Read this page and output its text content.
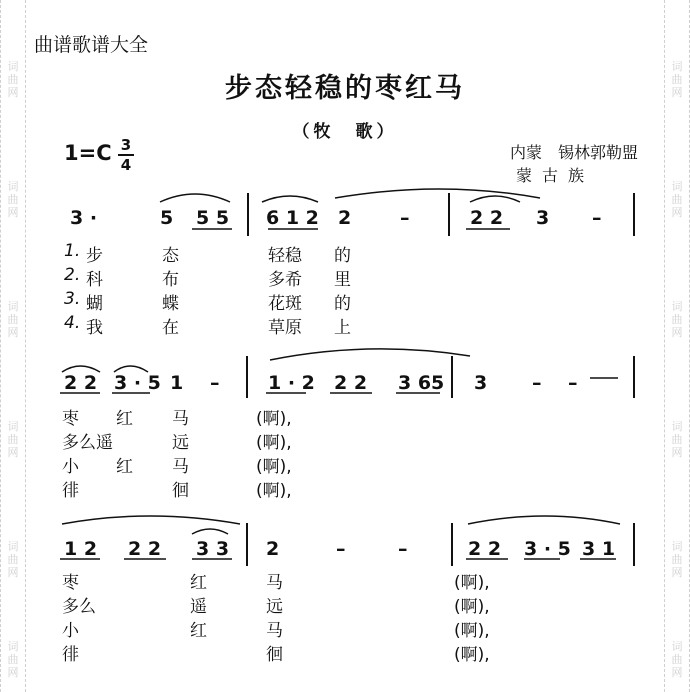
词曲网
词曲网
词曲网
词曲网
词曲网
词曲网
词曲网
词曲网
词曲网
词曲网
词曲网
词曲网
曲谱歌谱大全
步态轻稳的枣红马
（牧　歌）
1=C 3
4
内蒙　锡林郭勒盟
蒙古族
3 ·	5 5 5 6 1 2 2	–	2 2 3 –
1. 步	态	轻稳 的
2. 科	布	多希 里
3. 蝴	蝶	花斑 的
4. 我	在	草原 上
2 2 3 · 5 1 –	1 · 2 2 2 3 65 3 – –
枣 红 马	(啊),
多么遥	远	(啊),
小 红 马	(啊),
徘	徊	(啊),
1 2 2 2 3 3 2	–	–	2 2 3 · 5 3 1
枣	红	马	(啊),
多么	遥	远	(啊),
小	红	马	(啊),
徘	徊	(啊),
